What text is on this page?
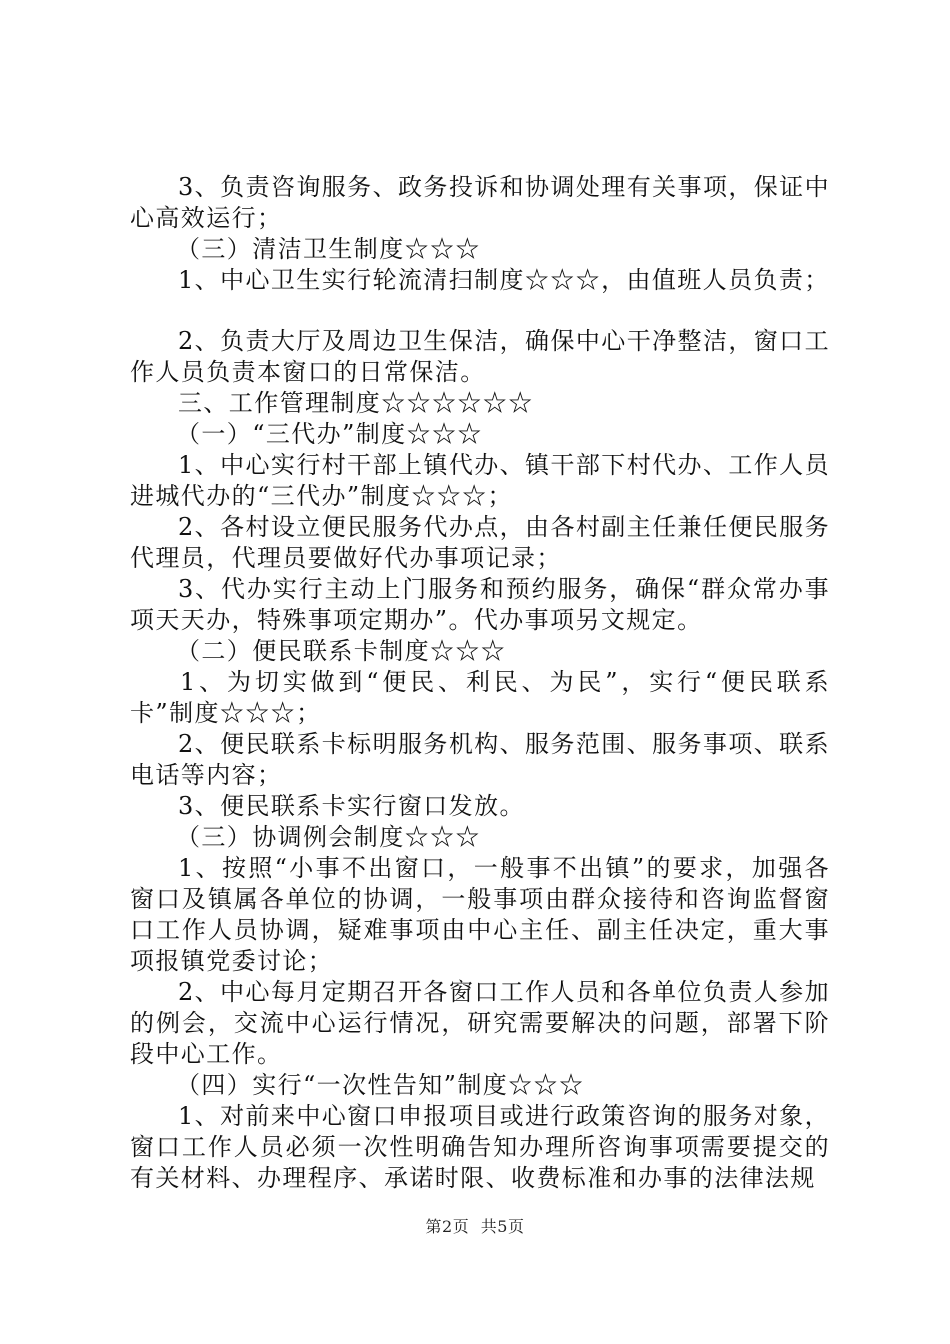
3、负责咨询服务、政务投诉和协调处理有关事项，保证中心高效运行；

（三）清洁卫生制度☆☆☆

1、中心卫生实行轮流清扫制度☆☆☆，由值班人员负责；

2、负责大厅及周边卫生保洁，确保中心干净整洁，窗口工作人员负责本窗口的日常保洁。

三、工作管理制度☆☆☆☆☆☆

（一）“三代办”制度☆☆☆

1、中心实行村干部上镇代办、镇干部下村代办、工作人员进城代办的“三代办”制度☆☆☆；

2、各村设立便民服务代办点，由各村副主任兼任便民服务代理员，代理员要做好代办事项记录；

3、代办实行主动上门服务和预约服务，确保“群众常办事项天天办，特殊事项定期办”。代办事项另文规定。

（二）便民联系卡制度☆☆☆

1、为切实做到“便民、利民、为民”，实行“便民联系卡”制度☆☆☆；

2、便民联系卡标明服务机构、服务范围、服务事项、联系电话等内容；

3、便民联系卡实行窗口发放。

（三）协调例会制度☆☆☆

1、按照“小事不出窗口，一般事不出镇”的要求，加强各窗口及镇属各单位的协调，一般事项由群众接待和咨询监督窗口工作人员协调，疑难事项由中心主任、副主任决定，重大事项报镇党委讨论；

2、中心每月定期召开各窗口工作人员和各单位负责人参加的例会，交流中心运行情况，研究需要解决的问题，部署下阶段中心工作。

（四）实行“一次性告知”制度☆☆☆

1、对前来中心窗口申报项目或进行政策咨询的服务对象，窗口工作人员必须一次性明确告知办理所咨询事项需要提交的有关材料、办理程序、承诺时限、收费标准和办事的法律法规

第2页 共5页
